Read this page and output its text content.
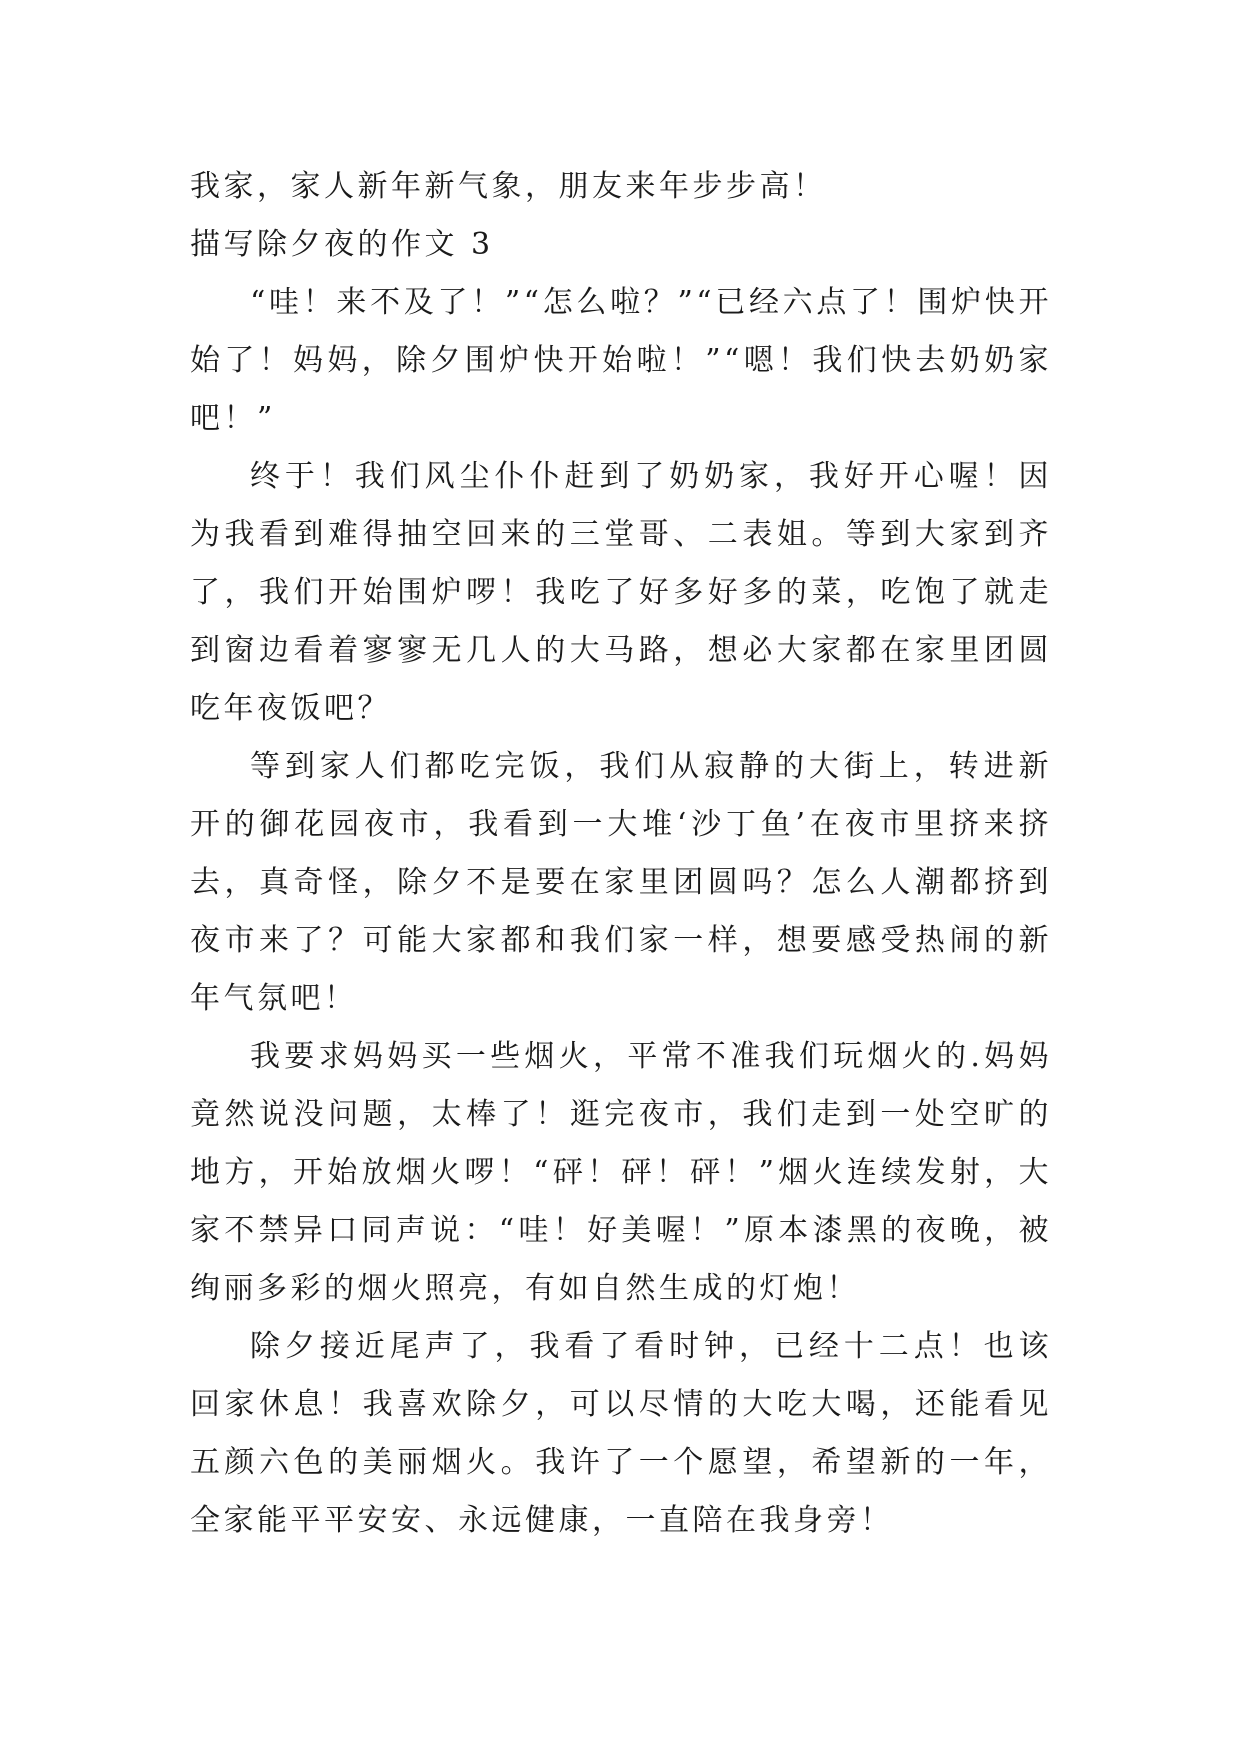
我家，家人新年新气象，朋友来年步步高！

描写除夕夜的作文 3

“哇！来不及了！”“怎么啦？”“已经六点了！围炉快开始了！妈妈，除夕围炉快开始啦！”“嗯！我们快去奶奶家吧！”

终于！我们风尘仆仆赶到了奶奶家，我好开心喔！因为我看到难得抽空回来的三堂哥、二表姐。等到大家到齐了，我们开始围炉啰！我吃了好多好多的菜，吃饱了就走到窗边看着寥寥无几人的大马路，想必大家都在家里团圆吃年夜饭吧？

等到家人们都吃完饭，我们从寂静的大街上，转进新开的御花园夜市，我看到一大堆‘沙丁鱼’在夜市里挤来挤去，真奇怪，除夕不是要在家里团圆吗？怎么人潮都挤到夜市来了？可能大家都和我们家一样，想要感受热闹的新年气氛吧！

我要求妈妈买一些烟火，平常不准我们玩烟火的.妈妈竟然说没问题，太棒了！逛完夜市，我们走到一处空旷的地方，开始放烟火啰！“砰！砰！砰！”烟火连续发射，大家不禁异口同声说：“哇！好美喔！”原本漆黑的夜晚，被绚丽多彩的烟火照亮，有如自然生成的灯炮！

除夕接近尾声了，我看了看时钟，已经十二点！也该回家休息！我喜欢除夕，可以尽情的大吃大喝，还能看见五颜六色的美丽烟火。我许了一个愿望，希望新的一年，全家能平平安安、永远健康，一直陪在我身旁！
